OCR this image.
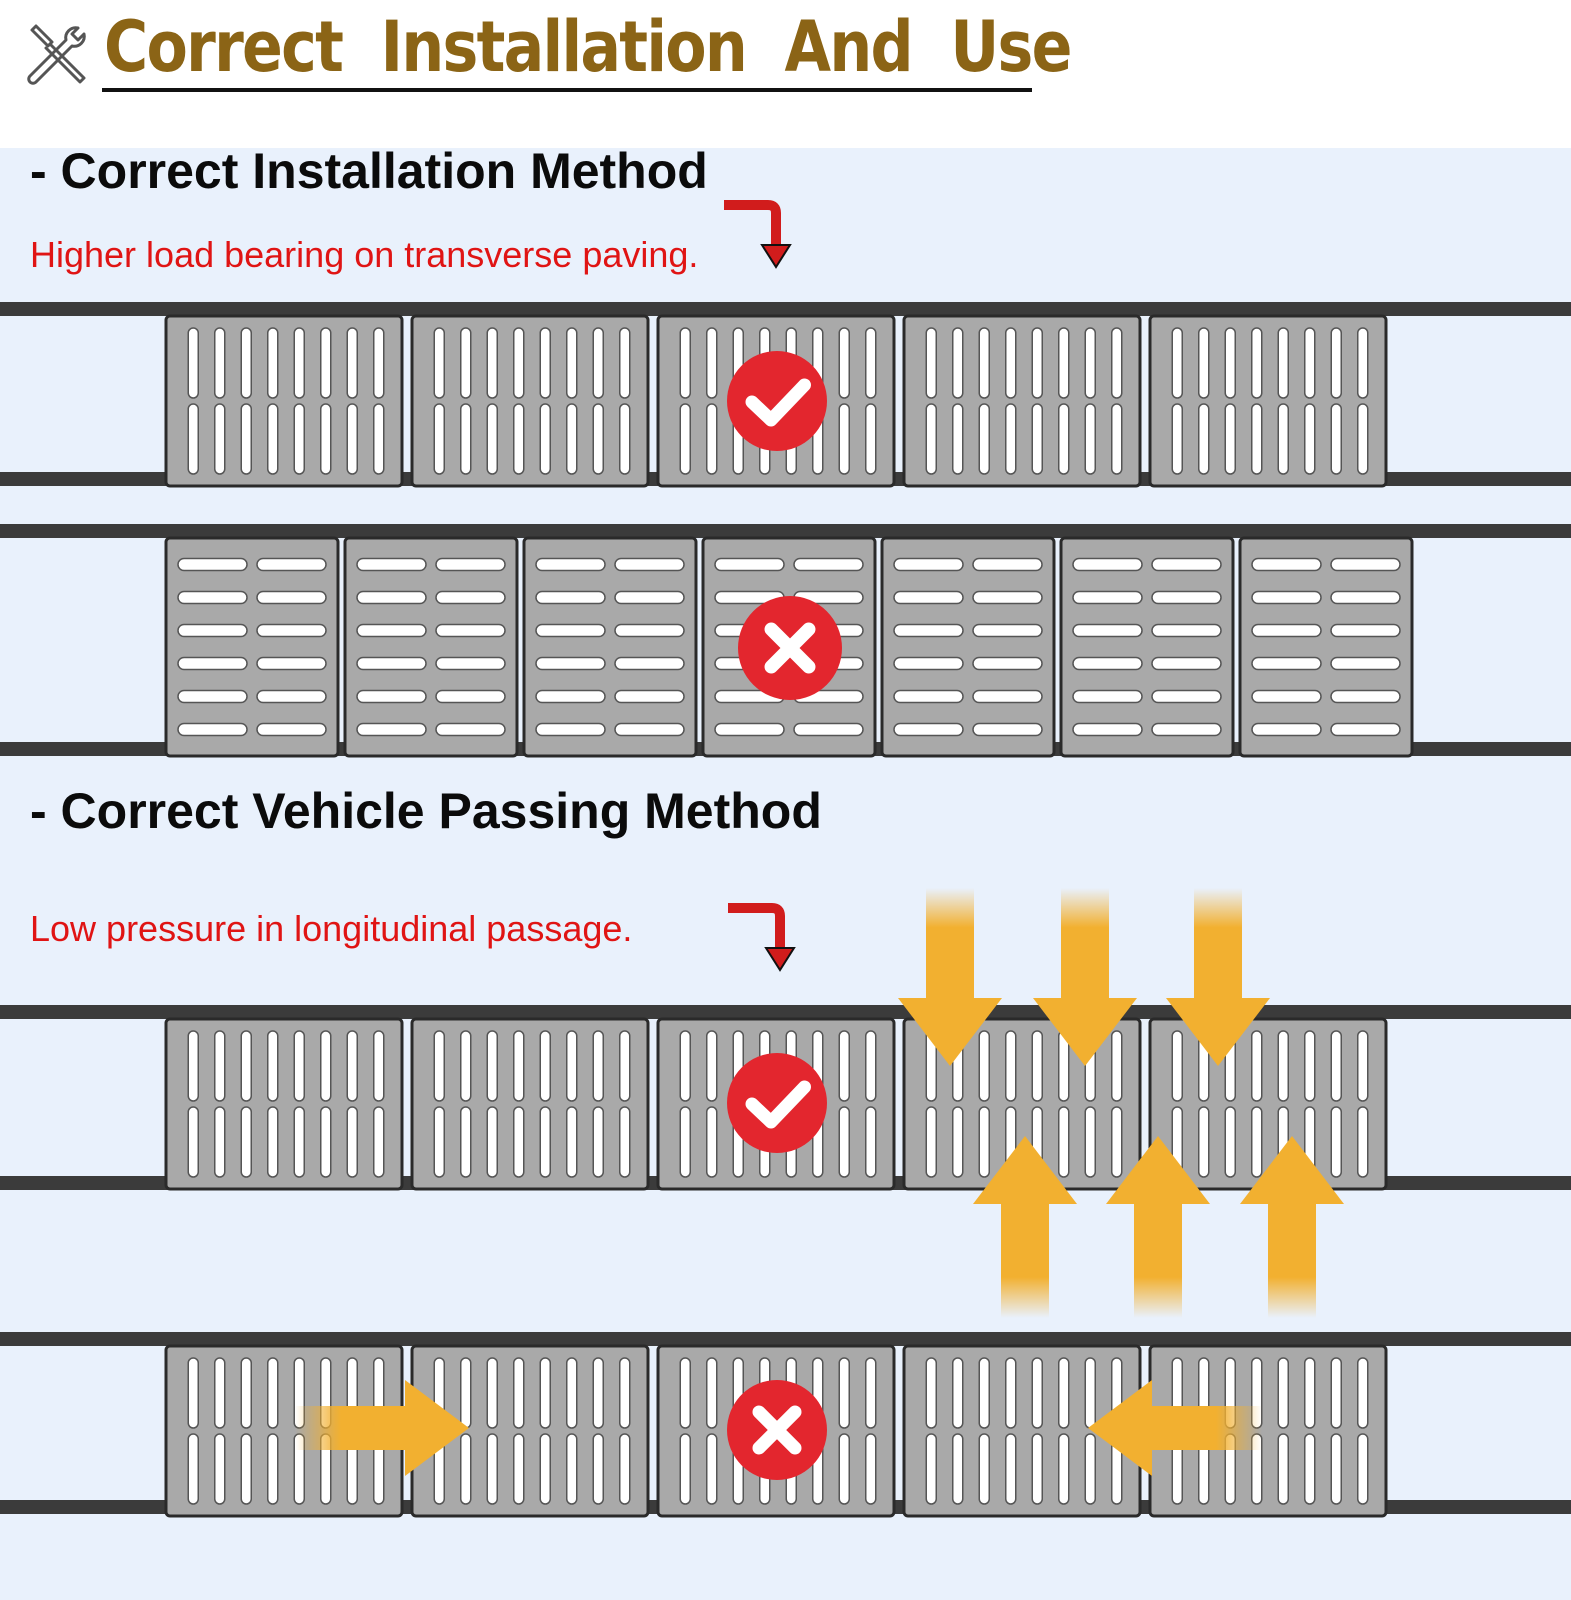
Correct  Installation  And  Use
- Correct Installation Method
Higher load bearing on transverse paving.
- Correct Vehicle Passing Method
Low pressure in longitudinal passage.
